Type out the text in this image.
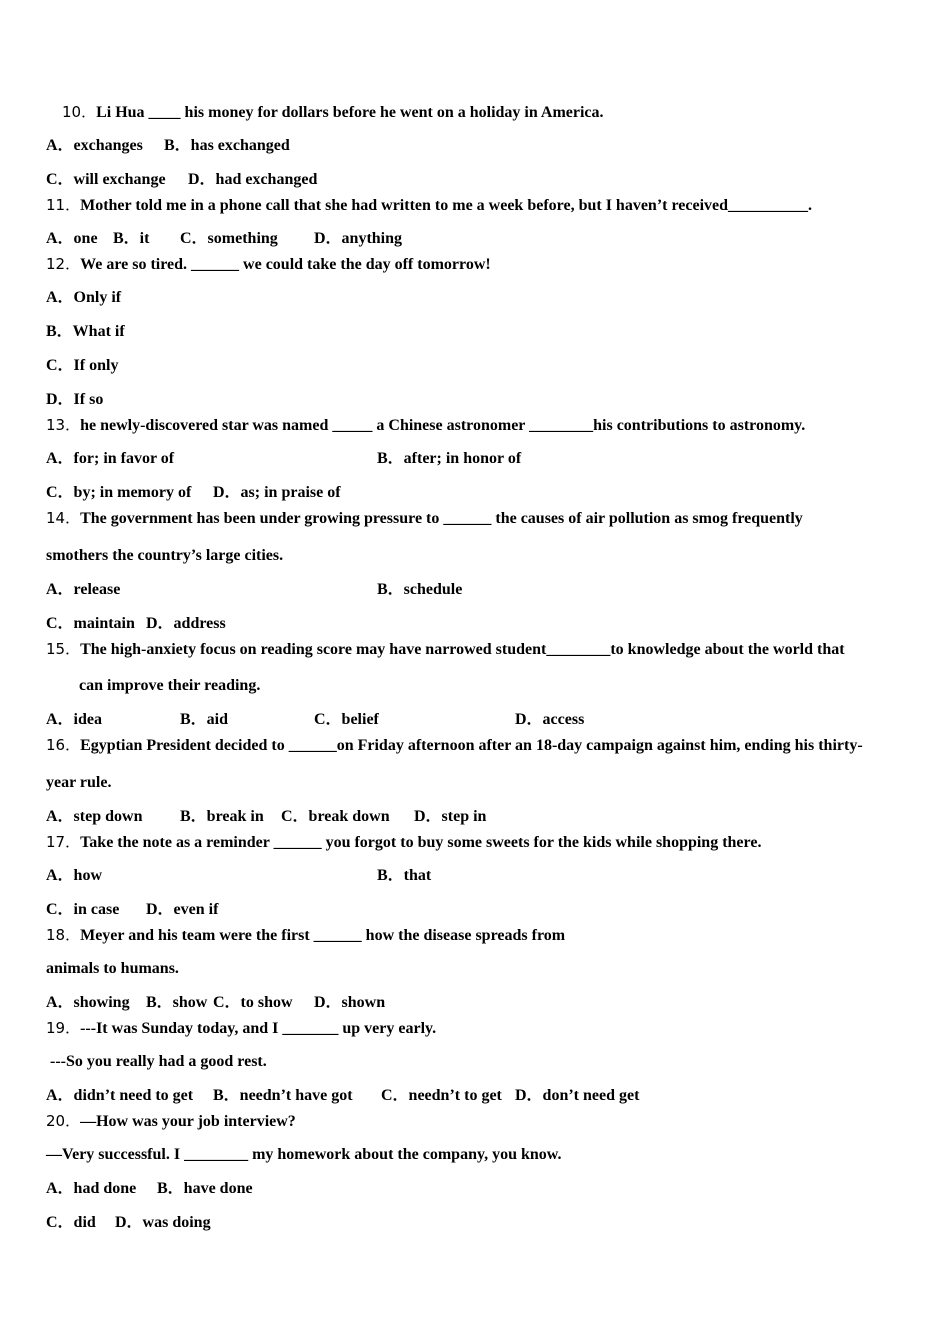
10．Li Hua ____ his money for dollars before he went on a holiday in America.
A．exchanges B．has exchanged
C．will exchange D．had exchanged
11．Mother told me in a phone call that she had written to me a week before, but I haven’t received__________.
A．one B．it C．something D．anything
12．We are so tired. ______ we could take the day off tomorrow!
A．Only if
B．What if
C．If only
D．If so
13．he newly-discovered star was named _____ a Chinese astronomer ________his contributions to astronomy.
A．for; in favor of	B．after; in honor of
C．by; in memory of D．as; in praise of
14．The government has been under growing pressure to ______ the causes of air pollution as smog frequently
smothers the country’s large cities.
A．release	B．schedule
C．maintain D．address
15．The high-anxiety focus on reading score may have narrowed student________to knowledge about the world that
can improve their reading.
A．idea	B．aid	C．belief	D．access
16．Egyptian President decided to ______on Friday afternoon after an 18-day campaign against him, ending his thirty-
year rule.
A．step down B．break in C．break down D．step in
17．Take the note as a reminder ______ you forgot to buy some sweets for the kids while shopping there.
A．how	B．that
C．in case D．even if
18．Meyer and his team were the first ______ how the disease spreads from
animals to humans.
A．showing B．show C．to show D．shown
19．---It was Sunday today, and I _______ up very early.
---So you really had a good rest.
A．didn’t need to get B．needn’t have got C．needn’t to get D．don’t need get
20．—How was your job interview?
—Very successful. I ________ my homework about the company, you know.
A．had done B．have done
C．did D．was doing
